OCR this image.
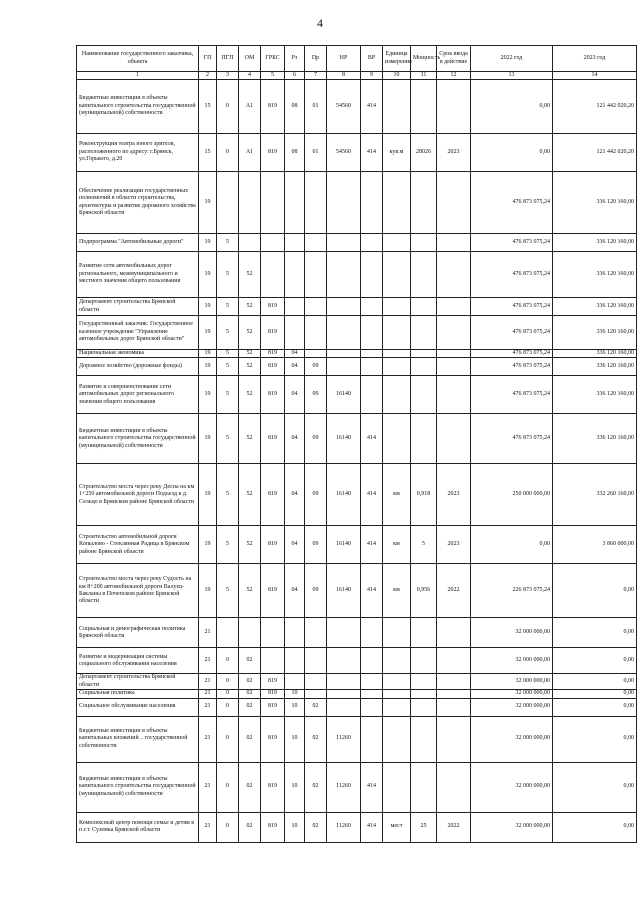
4
Наименование государственного заказчика, объекта	ГП	ПГП	ОМ	ГРБС	Рз	Пр	НР	ВР	Единица измерения	Мощность	Срок ввода в действие	2022 год	2023 год
1	2	3	4	5	6	7	8	9	10	11	12	13	14
Бюджетные инвестиции в объекты капитального строительства государственной (муниципальной) собственности	15	0	А1	819	08	01	54560	414				0,00	121 442 020,20
Реконструкция театра юного зрителя, расположенного по адресу: г.Брянск, ул.Горького, д.20	15	0	А1	819	08	01	54560	414	кув.м	28026	2023	0,00	121 442 020,20
Обеспечение реализации государственных полномочий в области строительства, архитектуры и развитие дорожного хозяйства Брянской области	19											476 873 075,24	336 120 160,00
Подпрограмма "Автомобильные дороги"	19	5										476 873 075,24	336 120 160,00
Развитие сети автомобильных дорог регионального, межмуниципального и местного значения общего пользования	19	5	52									476 873 075,24	336 120 160,00
Департамент строительства Брянской области	19	5	52	819								476 873 075,24	336 120 160,00
Государственный заказчик: Государственное казенное учреждение "Управление автомобильных дорог Брянской области"	19	5	52	819								476 873 075,24	336 120 160,00
Национальная экономика	19	5	52	819	04							476 873 075,24	336 120 160,00
Дорожное хозяйство (дорожные фонды)	19	5	52	819	04	09						476 873 075,24	336 120 160,00
Развитие и совершенствование сети автомобильных дорог регионального значения общего пользования	19	5	52	819	04	09	16140					476 873 075,24	336 120 160,00
Бюджетные инвестиции в объекты капитального строительства государственной (муниципальной) собственности	19	5	52	819	04	09	16140	414				476 873 075,24	336 120 160,00
Строительство моста через реку Десна на км 1+250 автомобильной дороги Подъезд к д. Сельцо в Брянском районе Брянской области	19	5	52	819	04	09	16140	414	км	0,918	2023	250 000 000,00	332 260 160,00
Строительство автомобильной дороги Копылово - Стеклянная Радица в Брянском районе Брянской области	19	5	52	819	04	09	16140	414	км	5	2023	0,00	3 860 000,00
Строительство моста через реку Судость на км 8+200 автомобильной дороги Валуец-Бакланы в Почепском районе Брянской области	19	5	52	819	04	09	16140	414	км	0,956	2022	226 873 075,24	0,00
Социальная и демографическая политика Брянской области	21											32 000 000,00	0,00
Развитие и модернизация системы социального обслуживания населения	21	0	02									32 000 000,00	0,00
Департамент строительства Брянской области	21	0	02	819								32 000 000,00	0,00
Социальная политика	21	0	02	819	10							32 000 000,00	0,00
Социальное обслуживание населения	21	0	02	819	10	02						32 000 000,00	0,00
Бюджетные инвестиции в объекты капитальных вложений .. государственной собственности	21	0	02	819	10	02	11260					32 000 000,00	0,00
Бюджетные инвестиции в объекты капитального строительства государственной (муниципальной) собственности	21	0	02	819	10	02	11260	414				32 000 000,00	0,00
Комплексный центр помощи семье и детям в п.г.т. Суземка Брянской области	21	0	02	819	10	02	11260	414	мест	25	2022	32 000 000,00	0,00
